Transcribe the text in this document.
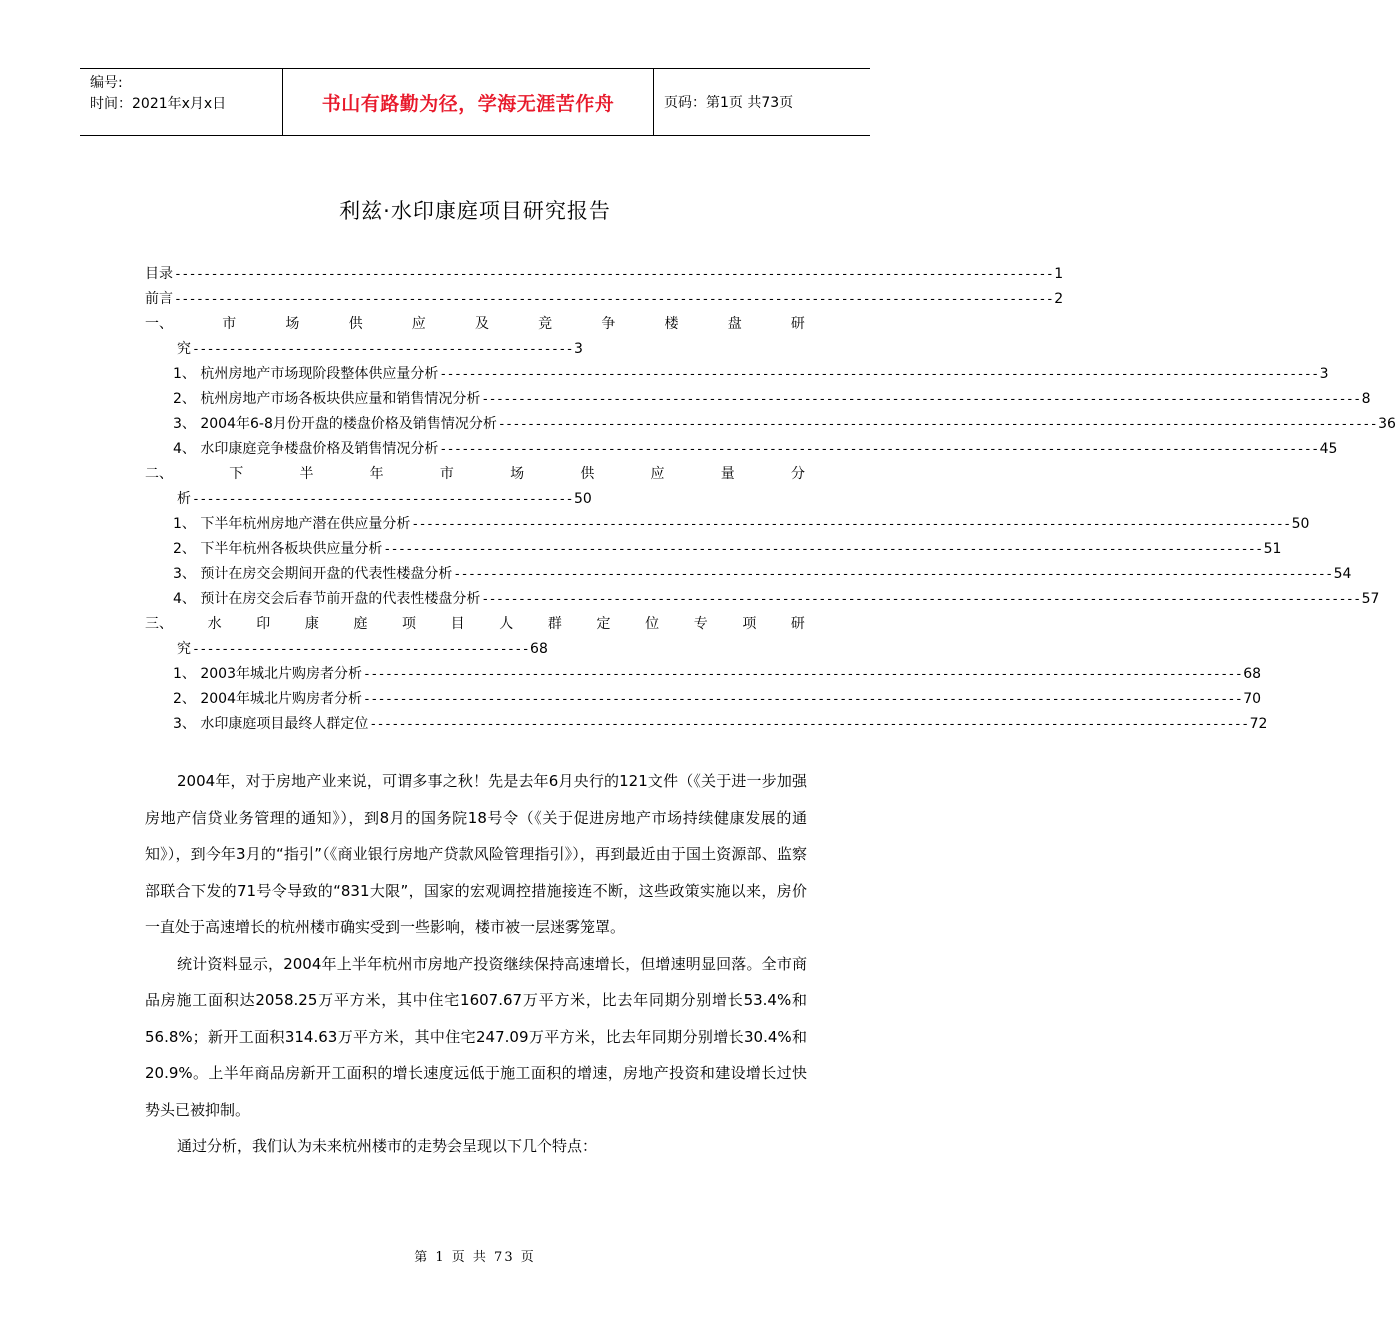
编号:
时间：2021年x月x日	书山有路勤为径，学海无涯苦作舟	页码：第1页 共73页
利兹·水印康庭项目研究报告
目录 ------------------------------------------------------------------------------------------------------------------------ 1
前言 ------------------------------------------------------------------------------------------------------------------------ 2
一、	市	场	供	应	及	竞	争	楼	盘	研
究 ---------------------------------------------------- 3
1、 杭州房地产市场现阶段整体供应量分析 ------------------------------------------------------------------------------------------------------------------------ 3
2、 杭州房地产市场各板块供应量和销售情况分析 ------------------------------------------------------------------------------------------------------------------------ 8
3、 2004年6-8月份开盘的楼盘价格及销售情况分析 ------------------------------------------------------------------------------------------------------------------------ 36
4、 水印康庭竞争楼盘价格及销售情况分析 ------------------------------------------------------------------------------------------------------------------------ 45
二、	下	半	年	市	场	供	应	量	分
析 ---------------------------------------------------- 50
1、 下半年杭州房地产潜在供应量分析 ------------------------------------------------------------------------------------------------------------------------ 50
2、 下半年杭州各板块供应量分析 ------------------------------------------------------------------------------------------------------------------------ 51
3、 预计在房交会期间开盘的代表性楼盘分析 ------------------------------------------------------------------------------------------------------------------------ 54
4、 预计在房交会后春节前开盘的代表性楼盘分析 ------------------------------------------------------------------------------------------------------------------------ 57
三、 水 印 康 庭 项 目 人 群 定 位 专 项 研
究 ---------------------------------------------- 68
1、 2003年城北片购房者分析 ------------------------------------------------------------------------------------------------------------------------ 68
2、 2004年城北片购房者分析 ------------------------------------------------------------------------------------------------------------------------ 70
3、 水印康庭项目最终人群定位 ------------------------------------------------------------------------------------------------------------------------ 72

2004年，对于房地产业来说，可谓多事之秋！先是去年6月央行的121文件（《关于进一步加强房地产信贷业务管理的通知》），到8月的国务院18号令（《关于促进房地产市场持续健康发展的通知》），到今年3月的“指引”（《商业银行房地产贷款风险管理指引》），再到最近由于国土资源部、监察部联合下发的71号令导致的“831大限”，国家的宏观调控措施接连不断，这些政策实施以来，房价一直处于高速增长的杭州楼市确实受到一些影响，楼市被一层迷雾笼罩。

统计资料显示，2004年上半年杭州市房地产投资继续保持高速增长，但增速明显回落。全市商品房施工面积达2058.25万平方米，其中住宅1607.67万平方米，比去年同期分别增长53.4%和56.8%；新开工面积314.63万平方米，其中住宅247.09万平方米，比去年同期分别增长30.4%和20.9%。上半年商品房新开工面积的增长速度远低于施工面积的增速，房地产投资和建设增长过快势头已被抑制。

通过分析，我们认为未来杭州楼市的走势会呈现以下几个特点：

第 1 页 共 73 页
